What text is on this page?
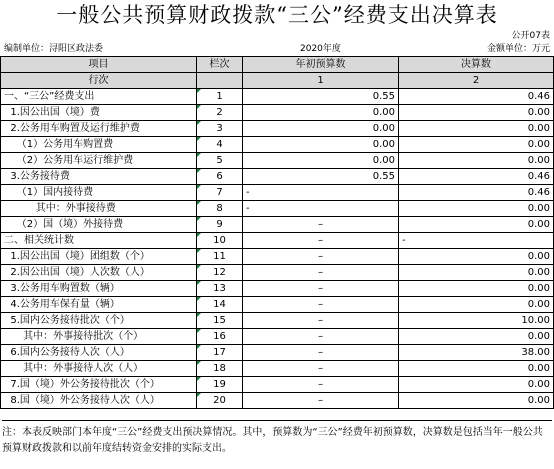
一般公共预算财政拨款“三公”经费支出决算表
公开07表
编制单位：浔阳区政法委	2020年度	金额单位：万元
项目	栏次	年初预算数	决算数
行次		1	2
一、“三公”经费支出	1	0.55	0.46
1.因公出国（境）费	2	0.00	0.00
2.公务用车购置及运行维护费	3	0.00	0.00
（1）公务用车购置费	4	0.00	0.00
（2）公务用车运行维护费	5	0.00	0.00
3.公务接待费	6	0.55	0.46
（1）国内接待费	7	-	0.46
其中：外事接待费	8	-	0.00
（2）国（境）外接待费	9	–	0.00
二、相关统计数	10	–	-
1.因公出国（境）团组数（个）	11	–	0.00
2.因公出国（境）人次数（人）	12	–	0.00
3.公务用车购置数（辆）	13	–	0.00
4.公务用车保有量（辆）	14	–	0.00
5.国内公务接待批次（个）	15	–	10.00
其中：外事接待批次（个）	16	–	0.00
6.国内公务接待人次（人）	17	–	38.00
其中：外事接待人次（人）	18	–	0.00
7.国（境）外公务接待批次（个）	19	–	0.00
8.国（境）外公务接待人次（人）	20	–	0.00
注：本表反映部门本年度“三公”经费支出预决算情况。其中，预算数为“三公”经费年初预算数，决算数是包括当年一般公共预算财政拨款和以前年度结转资金安排的实际支出。
